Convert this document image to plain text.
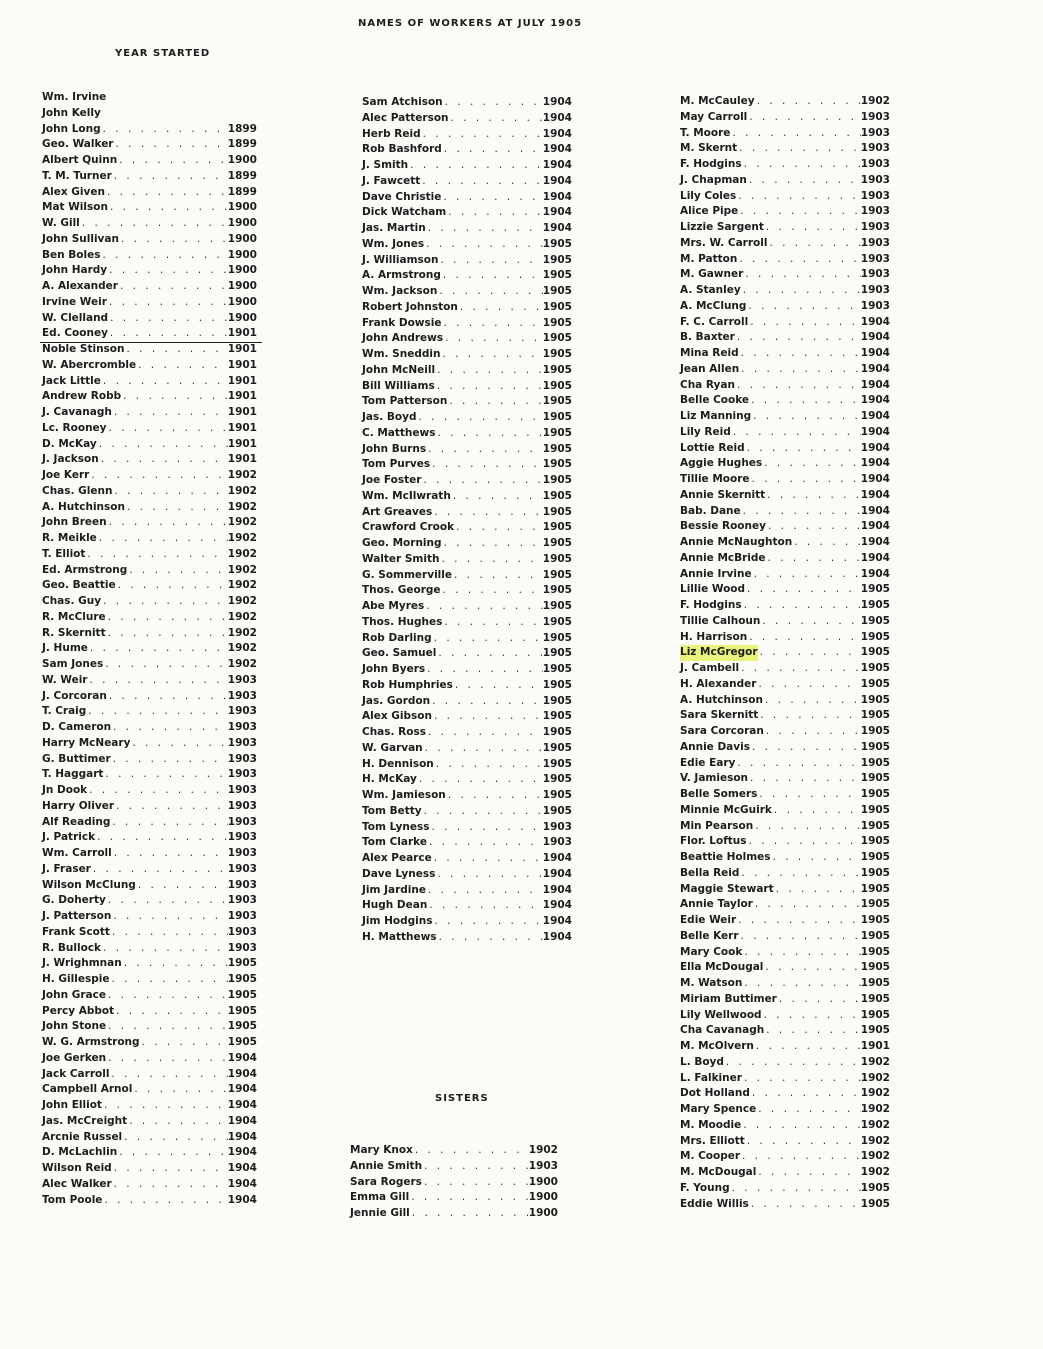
NAMES OF WORKERS AT JULY 1905
YEAR STARTED
Wm. Irvine
John Kelly
John Long . . .	1899
Geo. Walker . . .	1899
Albert Quinn . . .	1900
T. M. Turner . . .	1899
Alex Given . . .	1899
Mat Wilson . . .	1900
W. Gill . . .	1900
John Sullivan . . .	1900
Ben Boles . . .	1900
John Hardy . . .	1900
A. Alexander . . .	1900
Irvine Weir . . .	1900
W. Clelland . . .	1900
Ed. Cooney . . .	1901
Noble Stinson . . .	1901
W. Abercromble . . .	1901
Jack Little . . .	1901
Andrew Robb . . .	1901
J. Cavanagh . . .	1901
Lc. Rooney . . .	1901
D. McKay . . .	1901
J. Jackson . . .	1901
Joe Kerr . . .	1902
Chas. Glenn . . .	1902
A. Hutchinson . . .	1902
John Breen . . .	1902
R. Meikle . . .	1902
T. Elliot . . .	1902
Ed. Armstrong . . .	1902
Geo. Beattie . . .	1902
Chas. Guy . . .	1902
R. McClure . . .	1902
R. Skernitt . . .	1902
J. Hume . . .	1902
Sam Jones . . .	1902
W. Weir . . .	1903
J. Corcoran . . .	1903
T. Craig . . .	1903
D. Cameron . . .	1903
Harry McNeary . . .	1903
G. Buttimer . . .	1903
T. Haggart . . .	1903
Jn Dook . . .	1903
Harry Oliver . . .	1903
Alf Reading . . .	1903
J. Patrick . . .	1903
Wm. Carroll . . .	1903
J. Fraser . . .	1903
Wilson McClung . . .	1903
G. Doherty . . .	1903
J. Patterson . . .	1903
Frank Scott . . .	1903
R. Bullock . . .	1903
J. Wrighmnan . . .	1905
H. Gillespie . . .	1905
John Grace . . .	1905
Percy Abbot . . .	1905
John Stone . . .	1905
W. G. Armstrong . . .	1905
Joe Gerken . . .	1904
Jack Carroll . . .	1904
Campbell Arnol . . .	1904
John Elliot . . .	1904
Jas. McCreight . . .	1904
Arcnie Russel . . .	1904
D. McLachlin . . .	1904
Wilson Reid . . .	1904
Alec Walker . . .	1904
Tom Poole . . .	1904
Sam Atchison . . .	1904
Alec Patterson . . .	1904
Herb Reid . . .	1904
Rob Bashford . . .	1904
J. Smith . . .	1904
J. Fawcett . . .	1904
Dave Christie . . .	1904
Dick Watcham . . .	1904
Jas. Martin . . .	1904
Wm. Jones . . .	1905
J. Williamson . . .	1905
A. Armstrong . . .	1905
Wm. Jackson . . .	1905
Robert Johnston . . .	1905
Frank Dowsie . . .	1905
John Andrews . . .	1905
Wm. Sneddin . . .	1905
John McNeill . . .	1905
Bill Williams . . .	1905
Tom Patterson . . .	1905
Jas. Boyd . . .	1905
C. Matthews . . .	1905
John Burns . . .	1905
Tom Purves . . .	1905
Joe Foster . . .	1905
Wm. McIlwrath . . .	1905
Art Greaves . . .	1905
Crawford Crook . . .	1905
Geo. Morning . . .	1905
Walter Smith . . .	1905
G. Sommerville . . .	1905
Thos. George . . .	1905
Abe Myres . . .	1905
Thos. Hughes . . .	1905
Rob Darling . . .	1905
Geo. Samuel . . .	1905
John Byers . . .	1905
Rob Humphries . . .	1905
Jas. Gordon . . .	1905
Alex Gibson . . .	1905
Chas. Ross . . .	1905
W. Garvan . . .	1905
H. Dennison . . .	1905
H. McKay . . .	1905
Wm. Jamieson . . .	1905
Tom Betty . . .	1905
Tom Lyness . . .	1903
Tom Clarke . . .	1903
Alex Pearce . . .	1904
Dave Lyness . . .	1904
Jim Jardine . . .	1904
Hugh Dean . . .	1904
Jim Hodgins . . .	1904
H. Matthews . . .	1904
M. McCauley . . .	1902
May Carroll . . .	1903
T. Moore . . .	1903
M. Skernt . . .	1903
F. Hodgins . . .	1903
J. Chapman . . .	1903
Lily Coles . . .	1903
Alice Pipe . . .	1903
Lizzie Sargent . . .	1903
Mrs. W. Carroll . . .	1903
M. Patton . . .	1903
M. Gawner . . .	1903
A. Stanley . . .	1903
A. McClung . . .	1903
F. C. Carroll . . .	1904
B. Baxter . . .	1904
Mina Reid . . .	1904
Jean Allen . . .	1904
Cha Ryan . . .	1904
Belle Cooke . . .	1904
Liz Manning . . .	1904
Lily Reid . . .	1904
Lottie Reid . . .	1904
Aggie Hughes . . .	1904
Tillie Moore . . .	1904
Annie Skernitt . . .	1904
Bab. Dane . . .	1904
Bessie Rooney . . .	1904
Annie McNaughton . . .	1904
Annie McBride . . .	1904
Annie Irvine . . .	1904
Lillie Wood . . .	1905
F. Hodgins . . .	1905
Tillie Calhoun . . .	1905
H. Harrison . . .	1905
Liz McGregor . . .	1905
J. Cambell . . .	1905
H. Alexander . . .	1905
A. Hutchinson . . .	1905
Sara Skernitt . . .	1905
Sara Corcoran . . .	1905
Annie Davis . . .	1905
Edie Eary . . .	1905
V. Jamieson . . .	1905
Belle Somers . . .	1905
Minnie McGuirk . . .	1905
Min Pearson . . .	1905
Flor. Loftus . . .	1905
Beattie Holmes . . .	1905
Bella Reid . . .	1905
Maggie Stewart . . .	1905
Annie Taylor . . .	1905
Edie Weir . . .	1905
Belle Kerr . . .	1905
Mary Cook . . .	1905
Ella McDougal . . .	1905
M. Watson . . .	1905
Miriam Buttimer . . .	1905
Lily Wellwood . . .	1905
Cha Cavanagh . . .	1905
M. McOlvern . . .	1901
L. Boyd . . .	1902
L. Falkiner . . .	1902
Dot Holland . . .	1902
Mary Spence . . .	1902
M. Moodie . . .	1902
Mrs. Elliott . . .	1902
M. Cooper . . .	1902
M. McDougal . . .	1902
F. Young . . .	1905
Eddie Willis . . .	1905
SISTERS
Mary Knox . . .	1902
Annie Smith . . .	1903
Sara Rogers . . .	1900
Emma Gill . . .	1900
Jennie Gill . . .	1900
